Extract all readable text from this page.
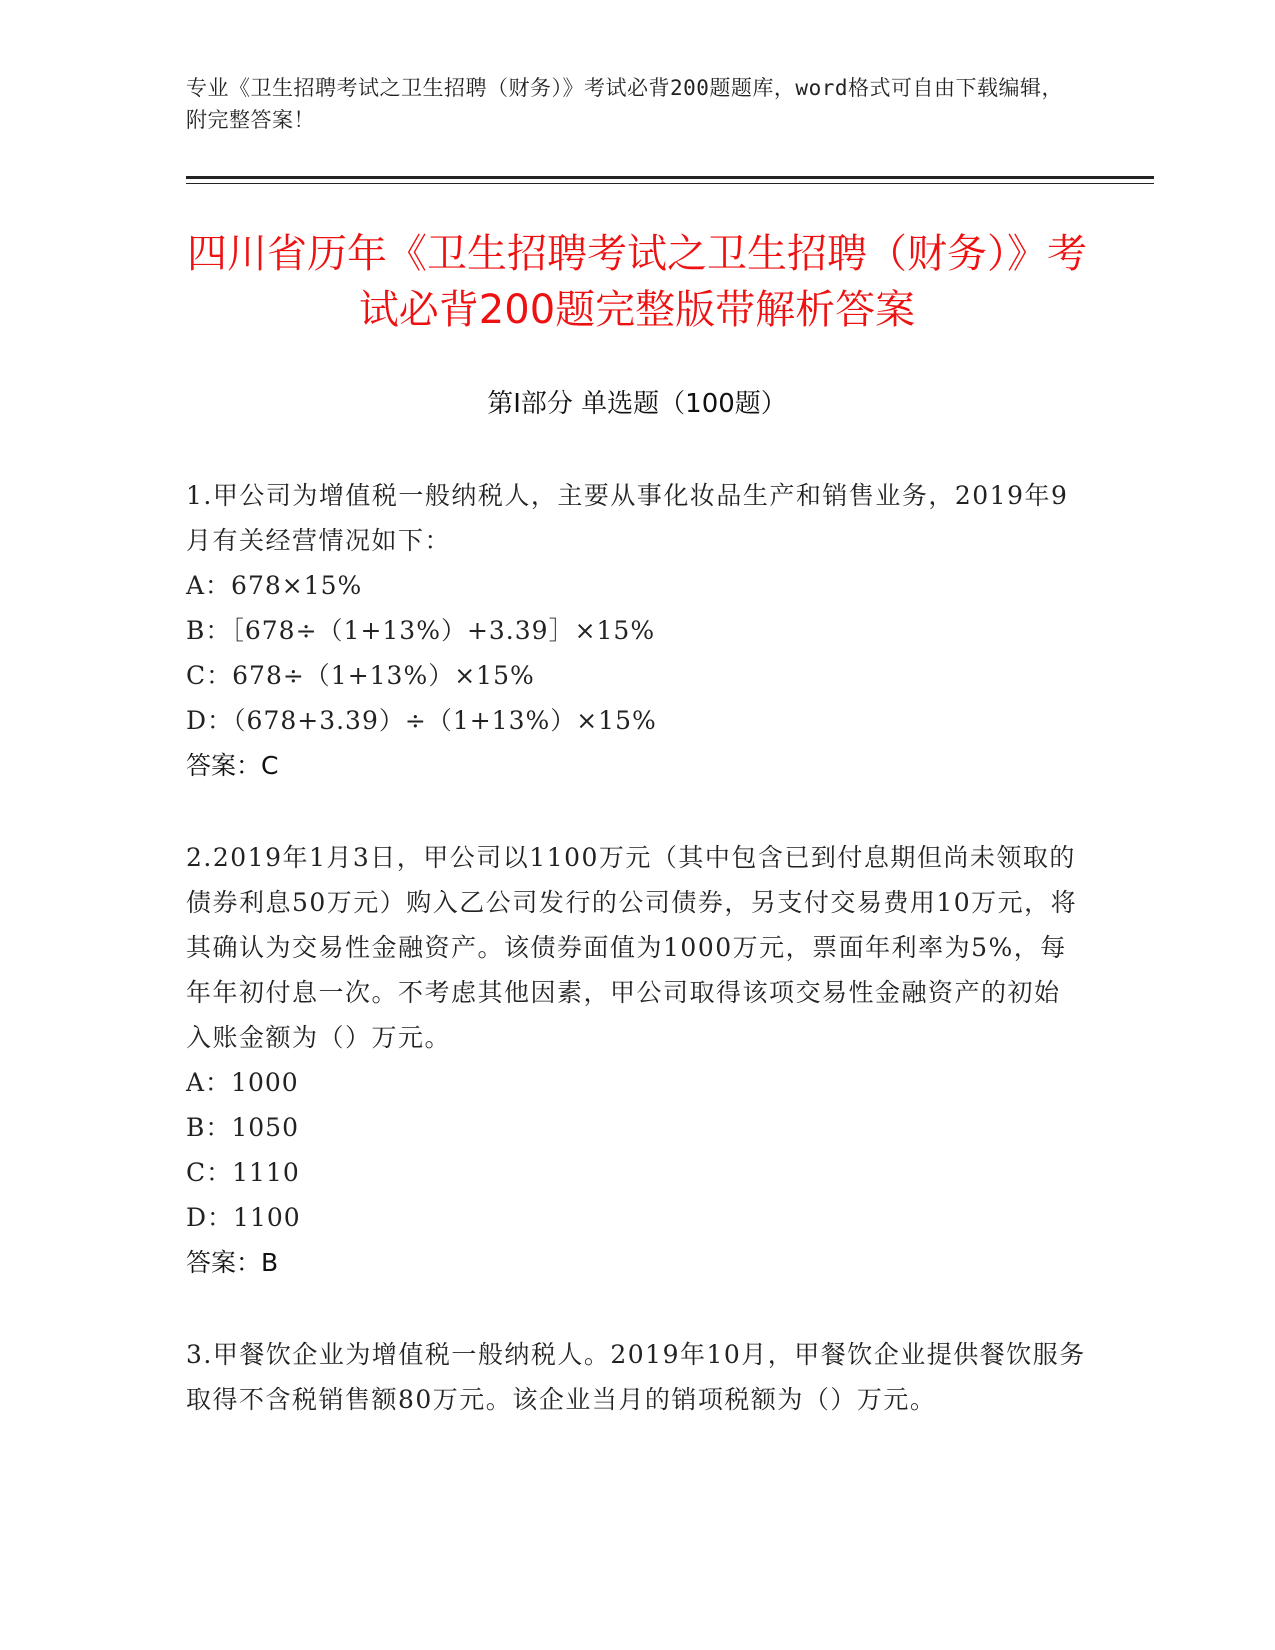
专业《卫生招聘考试之卫生招聘（财务）》考试必背200题题库，word格式可自由下载编辑，附完整答案！
四川省历年《卫生招聘考试之卫生招聘（财务）》考试必背200题完整版带解析答案
第I部分 单选题（100题）

1.甲公司为增值税一般纳税人，主要从事化妆品生产和销售业务，2019年9月有关经营情况如下：

A：678×15%

B：［678÷（1+13%）+3.39］×15%

C：678÷（1+13%）×15%

D：（678+3.39）÷（1+13%）×15%

答案：C

2.2019年1月3日，甲公司以1100万元（其中包含已到付息期但尚未领取的债券利息50万元）购入乙公司发行的公司债券，另支付交易费用10万元，将其确认为交易性金融资产。该债券面值为1000万元，票面年利率为5%，每年年初付息一次。不考虑其他因素，甲公司取得该项交易性金融资产的初始入账金额为（）万元。

A：1000

B：1050

C：1110

D：1100

答案：B

3.甲餐饮企业为增值税一般纳税人。2019年10月，甲餐饮企业提供餐饮服务取得不含税销售额80万元。该企业当月的销项税额为（）万元。
